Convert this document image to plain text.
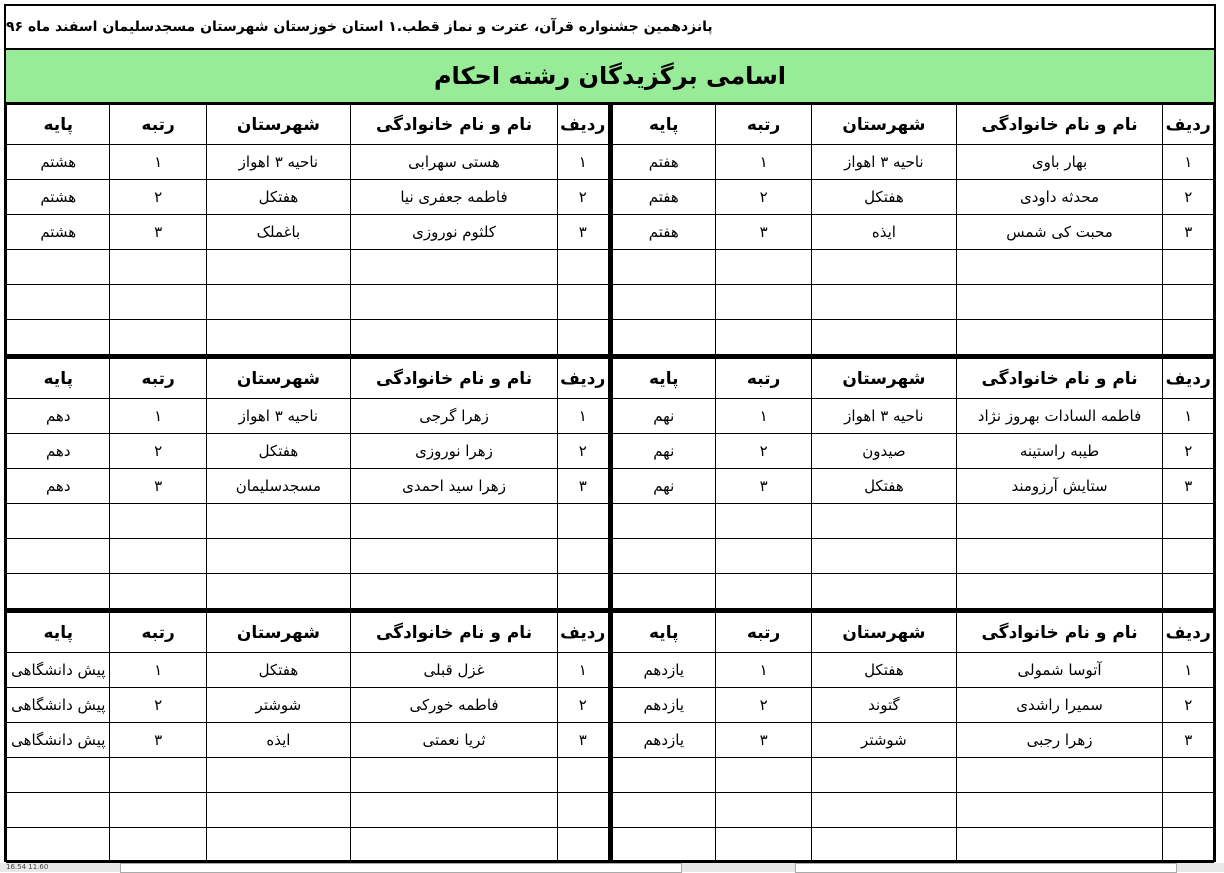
پانزدهمین جشنواره قرآن، عترت و نماز قطب.۱ استان خوزستان شهرستان مسجدسلیمان اسفند ماه ۹۶
اسامی برگزیدگان رشته احکام
ردیف	نام و نام خانوادگی	شهرستان	رتبه	پایه
۱	هستی سهرابی	ناحیه ۳ اهواز	۱	هشتم
۲	فاطمه جعفری نیا	هفتکل	۲	هشتم
۳	کلثوم نوروزی	باغملک	۳	هشتم

ردیف	نام و نام خانوادگی	شهرستان	رتبه	پایه
۱	بهار باوی	ناحیه ۳ اهواز	۱	هفتم
۲	محدثه داودی	هفتکل	۲	هفتم
۳	محبت کی شمس	ایذه	۳	هفتم

ردیف	نام و نام خانوادگی	شهرستان	رتبه	پایه
۱	زهرا گرجی	ناحیه ۳ اهواز	۱	دهم
۲	زهرا نوروزی	هفتکل	۲	دهم
۳	زهرا سید احمدی	مسجدسلیمان	۳	دهم

ردیف	نام و نام خانوادگی	شهرستان	رتبه	پایه
۱	فاطمه السادات بهروز نژاد	ناحیه ۳ اهواز	۱	نهم
۲	طیبه راستینه	صیدون	۲	نهم
۳	ستایش آرزومند	هفتکل	۳	نهم

ردیف	نام و نام خانوادگی	شهرستان	رتبه	پایه
۱	غزل قبلی	هفتکل	۱	پیش دانشگاهی
۲	فاطمه خورکی	شوشتر	۲	پیش دانشگاهی
۳	ثریا نعمتی	ایذه	۳	پیش دانشگاهی

ردیف	نام و نام خانوادگی	شهرستان	رتبه	پایه
۱	آتوسا شمولی	هفتکل	۱	یازدهم
۲	سمیرا راشدی	گتوند	۲	یازدهم
۳	زهرا رجبی	شوشتر	۳	یازدهم

16.54 11.60
